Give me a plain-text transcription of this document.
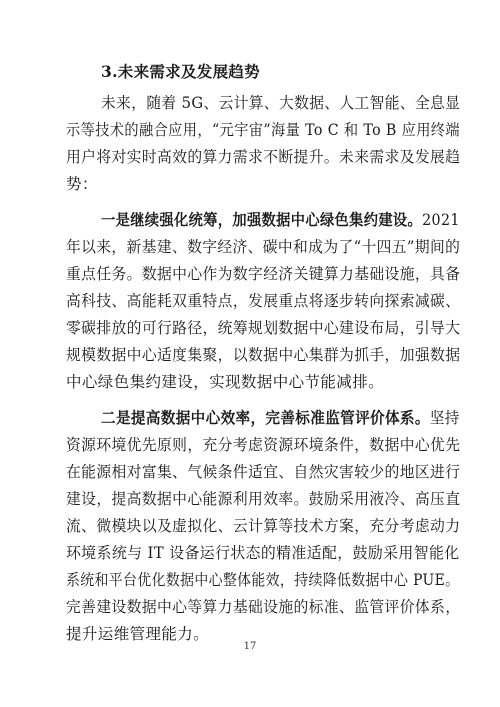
3.未来需求及发展趋势
未来，随着 5G、云计算、大数据、人工智能、全息显
示等技术的融合应用，“元宇宙”海量 To C 和 To B 应用终端
用户将对实时高效的算力需求不断提升。未来需求及发展趋
势：
一是继续强化统筹，加强数据中心绿色集约建设。2021
年以来，新基建、数字经济、碳中和成为了“十四五”期间的
重点任务。数据中心作为数字经济关键算力基础设施，具备
高科技、高能耗双重特点，发展重点将逐步转向探索减碳、
零碳排放的可行路径，统筹规划数据中心建设布局，引导大
规模数据中心适度集聚，以数据中心集群为抓手，加强数据
中心绿色集约建设，实现数据中心节能减排。
二是提高数据中心效率，完善标准监管评价体系。坚持
资源环境优先原则，充分考虑资源环境条件，数据中心优先
在能源相对富集、气候条件适宜、自然灾害较少的地区进行
建设，提高数据中心能源利用效率。鼓励采用液冷、高压直
流、微模块以及虚拟化、云计算等技术方案，充分考虑动力
环境系统与 IT 设备运行状态的精准适配，鼓励采用智能化
系统和平台优化数据中心整体能效，持续降低数据中心 PUE。
完善建设数据中心等算力基础设施的标准、监管评价体系，
提升运维管理能力。
17
